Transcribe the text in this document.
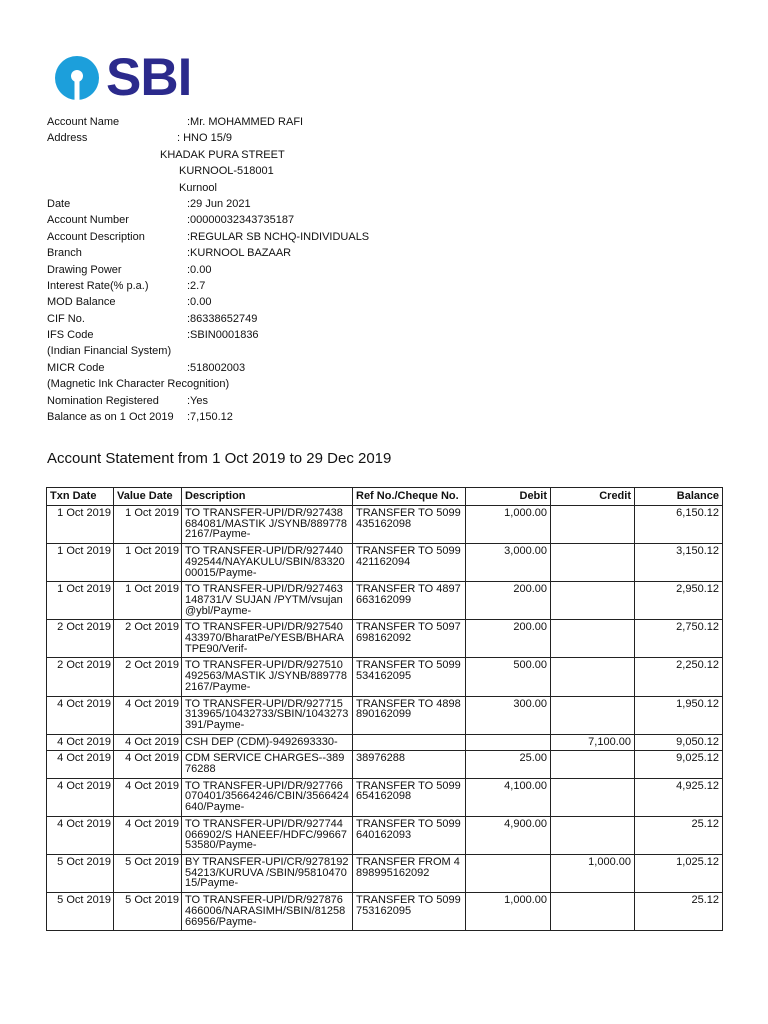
SBI
Account Name	:Mr. MOHAMMED RAFI
Address	: HNO 15/9
KHADAK PURA STREET
KURNOOL-518001
Kurnool
Date	:29 Jun 2021
Account Number	:00000032343735187
Account Description	:REGULAR SB NCHQ-INDIVIDUALS
Branch	:KURNOOL BAZAAR
Drawing Power	:0.00
Interest Rate(% p.a.)	:2.7
MOD Balance	:0.00
CIF No.	:86338652749
IFS Code	:SBIN0001836
(Indian Financial System)
MICR Code	:518002003
(Magnetic Ink Character Recognition)
Nomination Registered	:Yes
Balance as on 1 Oct 2019 :7,150.12
Account Statement from 1 Oct 2019 to 29 Dec 2019
Txn Date	Value Date	Description	Ref No./Cheque No.	Debit	Credit	Balance
1 Oct 2019	1 Oct 2019	TO TRANSFER-UPI/DR/927438684081/MASTIK J/SYNB/8897782167/Payme-	TRANSFER TO 5099435162098	1,000.00		6,150.12
1 Oct 2019	1 Oct 2019	TO TRANSFER-UPI/DR/927440492544/NAYAKULU/SBIN/8332000015/Payme-	TRANSFER TO 5099421162094	3,000.00		3,150.12
1 Oct 2019	1 Oct 2019	TO TRANSFER-UPI/DR/927463148731/V SUJAN /PYTM/vsujan@ybl/Payme-	TRANSFER TO 4897663162099	200.00		2,950.12
2 Oct 2019	2 Oct 2019	TO TRANSFER-UPI/DR/927540433970/BharatPe/YESB/BHARATPE90/Verif-	TRANSFER TO 5097698162092	200.00		2,750.12
2 Oct 2019	2 Oct 2019	TO TRANSFER-UPI/DR/927510492563/MASTIK J/SYNB/8897782167/Payme-	TRANSFER TO 5099534162095	500.00		2,250.12
4 Oct 2019	4 Oct 2019	TO TRANSFER-UPI/DR/927715313965/10432733/SBIN/1043273391/Payme-	TRANSFER TO 4898890162099	300.00		1,950.12
4 Oct 2019	4 Oct 2019	CSH DEP (CDM)-9492693330-			7,100.00	9,050.12
4 Oct 2019	4 Oct 2019	CDM SERVICE CHARGES--38976288	38976288	25.00		9,025.12
4 Oct 2019	4 Oct 2019	TO TRANSFER-UPI/DR/927766070401/35664246/CBIN/3566424640/Payme-	TRANSFER TO 5099654162098	4,100.00		4,925.12
4 Oct 2019	4 Oct 2019	TO TRANSFER-UPI/DR/927744066902/S HANEEF/HDFC/9966753580/Payme-	TRANSFER TO 5099640162093	4,900.00		25.12
5 Oct 2019	5 Oct 2019	BY TRANSFER-UPI/CR/927819254213/KURUVA /SBIN/9581047015/Payme-	TRANSFER FROM 4898995162092		1,000.00	1,025.12
5 Oct 2019	5 Oct 2019	TO TRANSFER-UPI/DR/927876466006/NARASIMH/SBIN/8125866956/Payme-	TRANSFER TO 5099753162095	1,000.00		25.12
